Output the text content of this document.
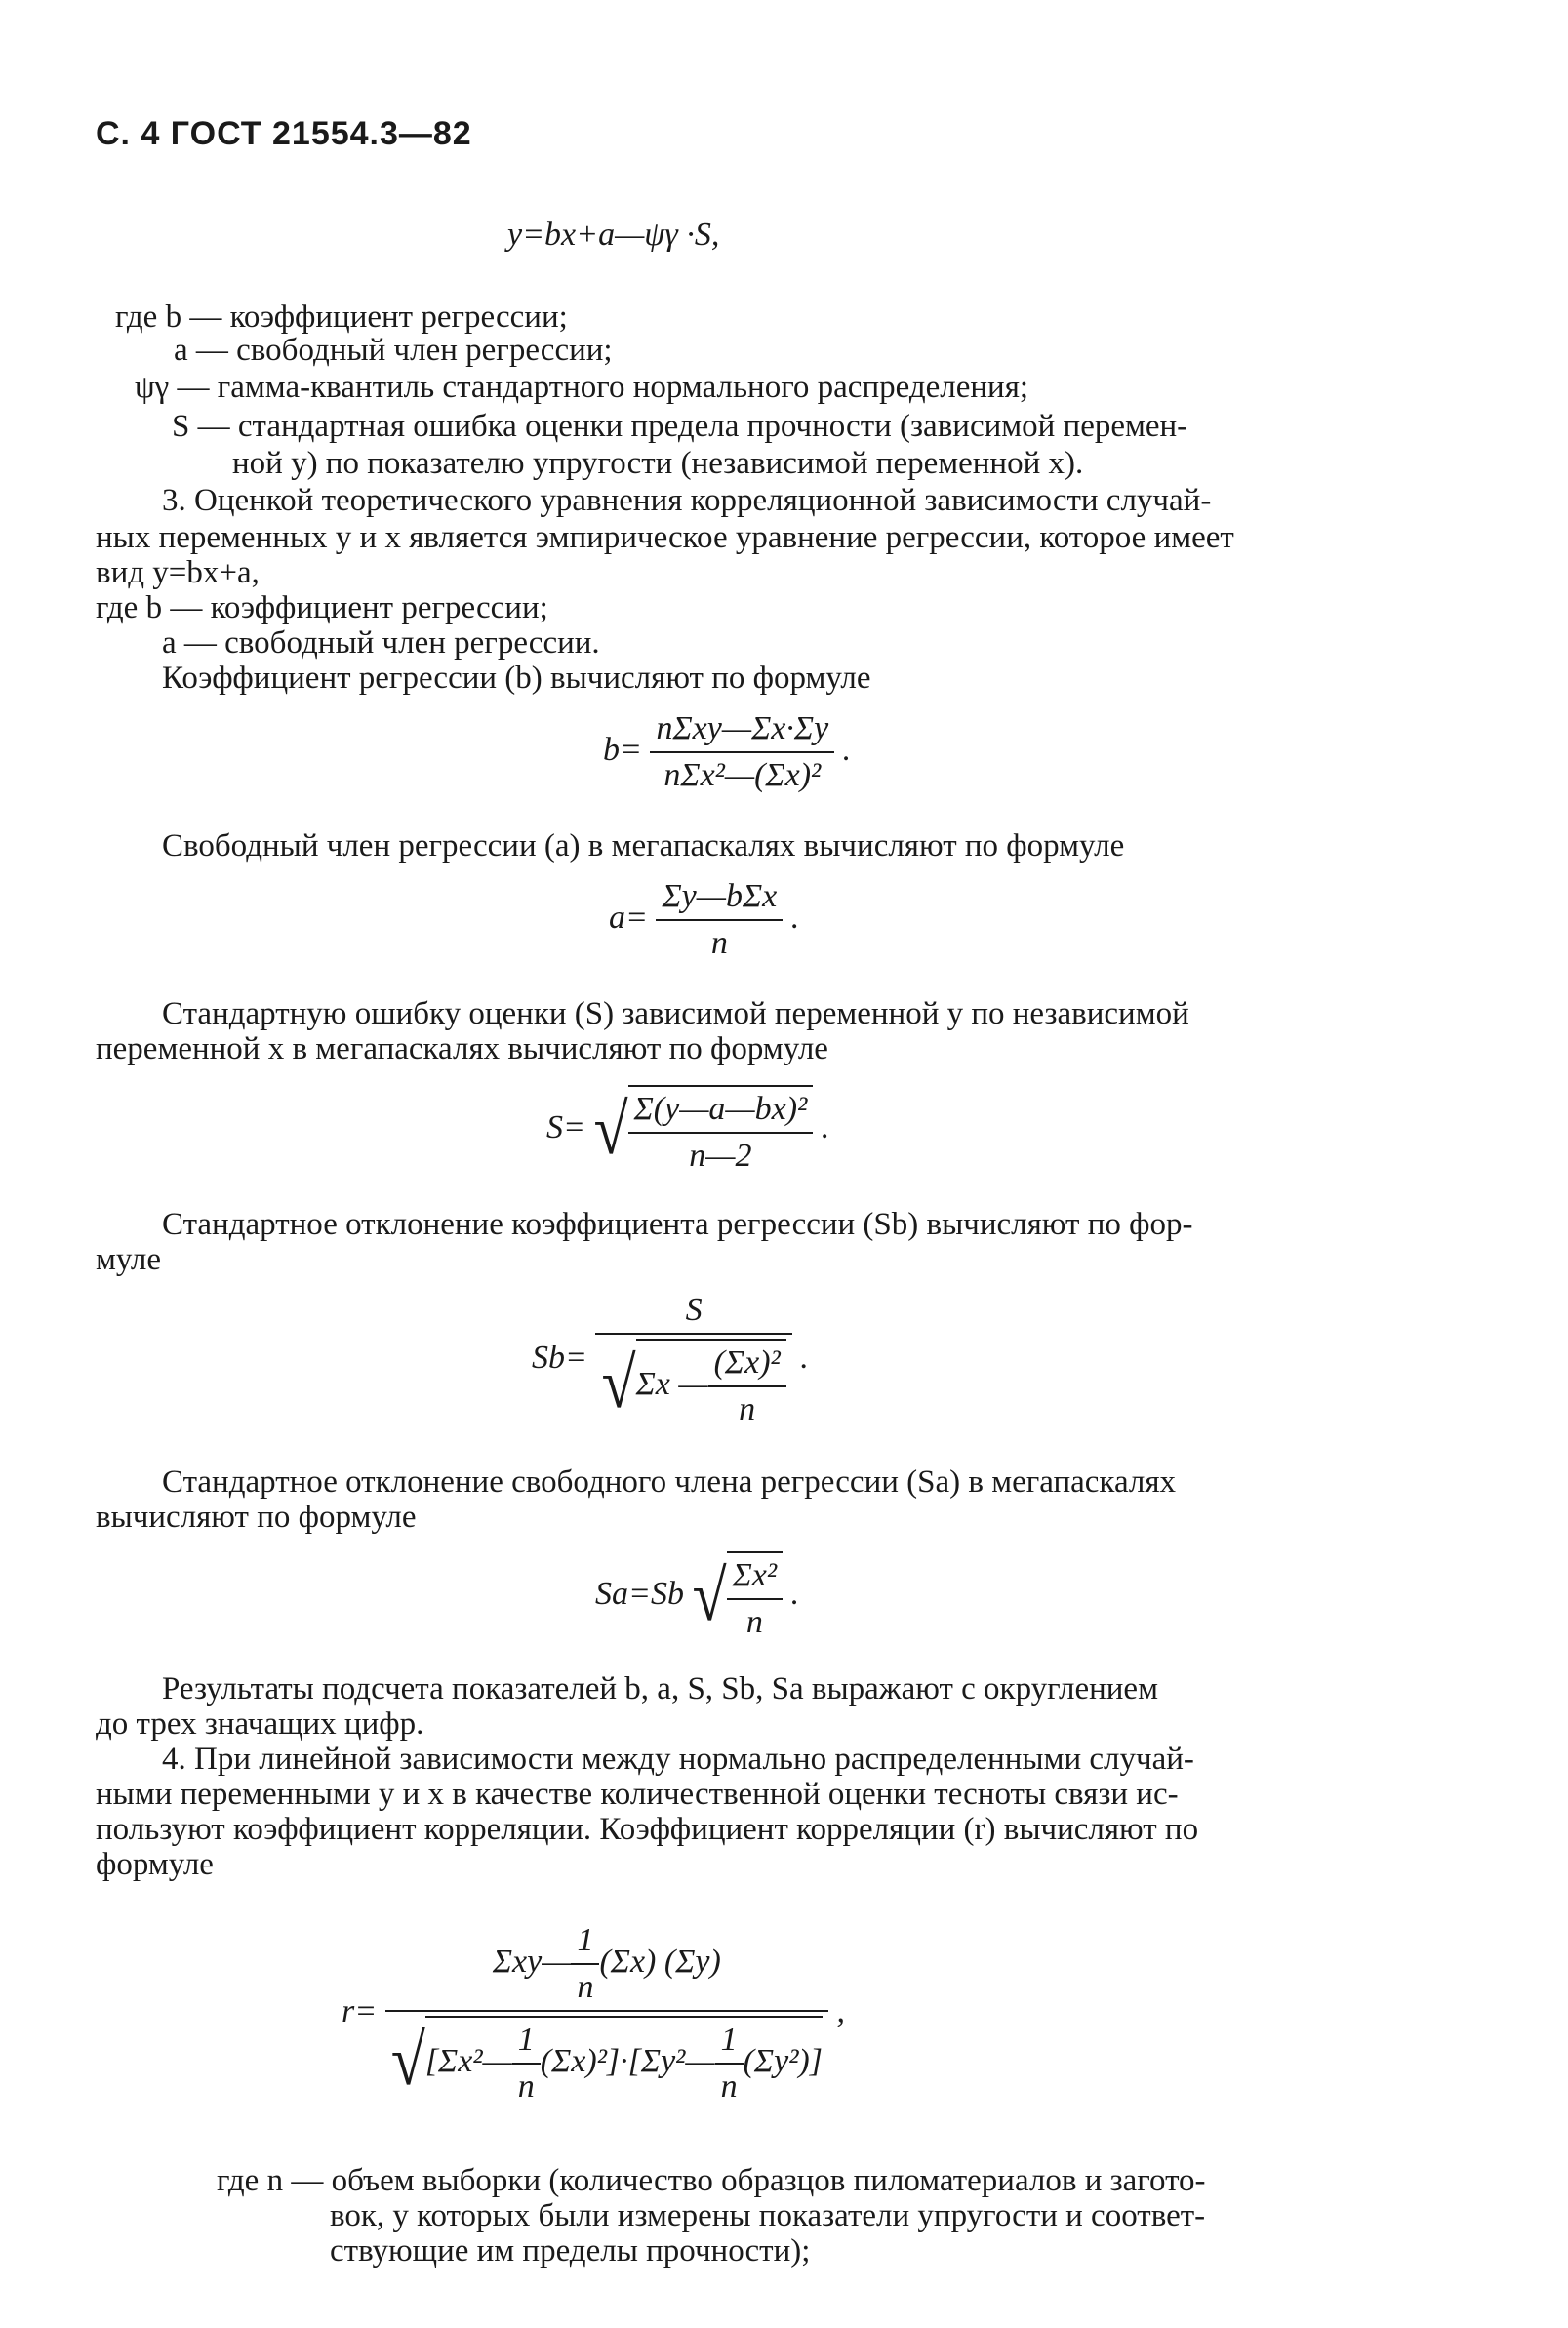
С. 4 ГОСТ 21554.3—82
y=bx+a—ψγ ·S,
где b — коэффициент регрессии;
a — свободный член регрессии;
ψγ — гамма-квантиль стандартного нормального распределения;
S — стандартная ошибка оценки предела прочности (зависимой перемен-
ной y) по показателю упругости (независимой переменной x).
3. Оценкой теоретического уравнения корреляционной зависимости случай-
ных переменных y и x является эмпирическое уравнение регрессии, которое имеет
вид y=bx+a,
где b — коэффициент регрессии;
a — свободный член регрессии.
Коэффициент регрессии (b) вычисляют по формуле
$b= \frac{\text{nΣxy—Σx·Σy}}{\text{nΣx²—(Σx)²}}$ .
Свободный член регрессии (a) в мегапаскалях вычисляют по формуле
$a= \frac{\text{Σy—bΣx}}{n}$ .
Стандартную ошибку оценки (S) зависимой переменной y по независимой
переменной x в мегапаскалях вычисляют по формуле
S= √ $\frac{\text{Σ(y—a—bx)²}}{n—2}$ .
Стандартное отклонение коэффициента регрессии (Sb) вычисляют по фор-
муле
$Sb= \frac{S}{√\Sigma x — \frac{\text{(Σx)²}}{n}}$ .
Стандартное отклонение свободного члена регрессии (Sa) в мегапаскалях
вычисляют по формуле
Sa=Sb √ $\frac{\text{Σx²}}{n}$ .
Результаты подсчета показателей b, a, S, Sb, Sa выражают с округлением
до трех значащих цифр.
4. При линейной зависимости между нормально распределенными случай-
ными переменными y и x в качестве количественной оценки тесноты связи ис-
пользуют коэффициент корреляции. Коэффициент корреляции (r) вычисляют по
формуле
$r= \frac{\Sigma xy— \frac{1}{n} (\Sigma x) (\Sigma y)}{√[\Sigma x^2— \frac{1}{n} (\Sigma x)^2]\cdot[\Sigma y^2— \frac{1}{n} (\Sigma y^2)]}$ ,
где n — объем выборки (количество образцов пиломатериалов и загото-
вок, у которых были измерены показатели упругости и соответ-
ствующие им пределы прочности);
